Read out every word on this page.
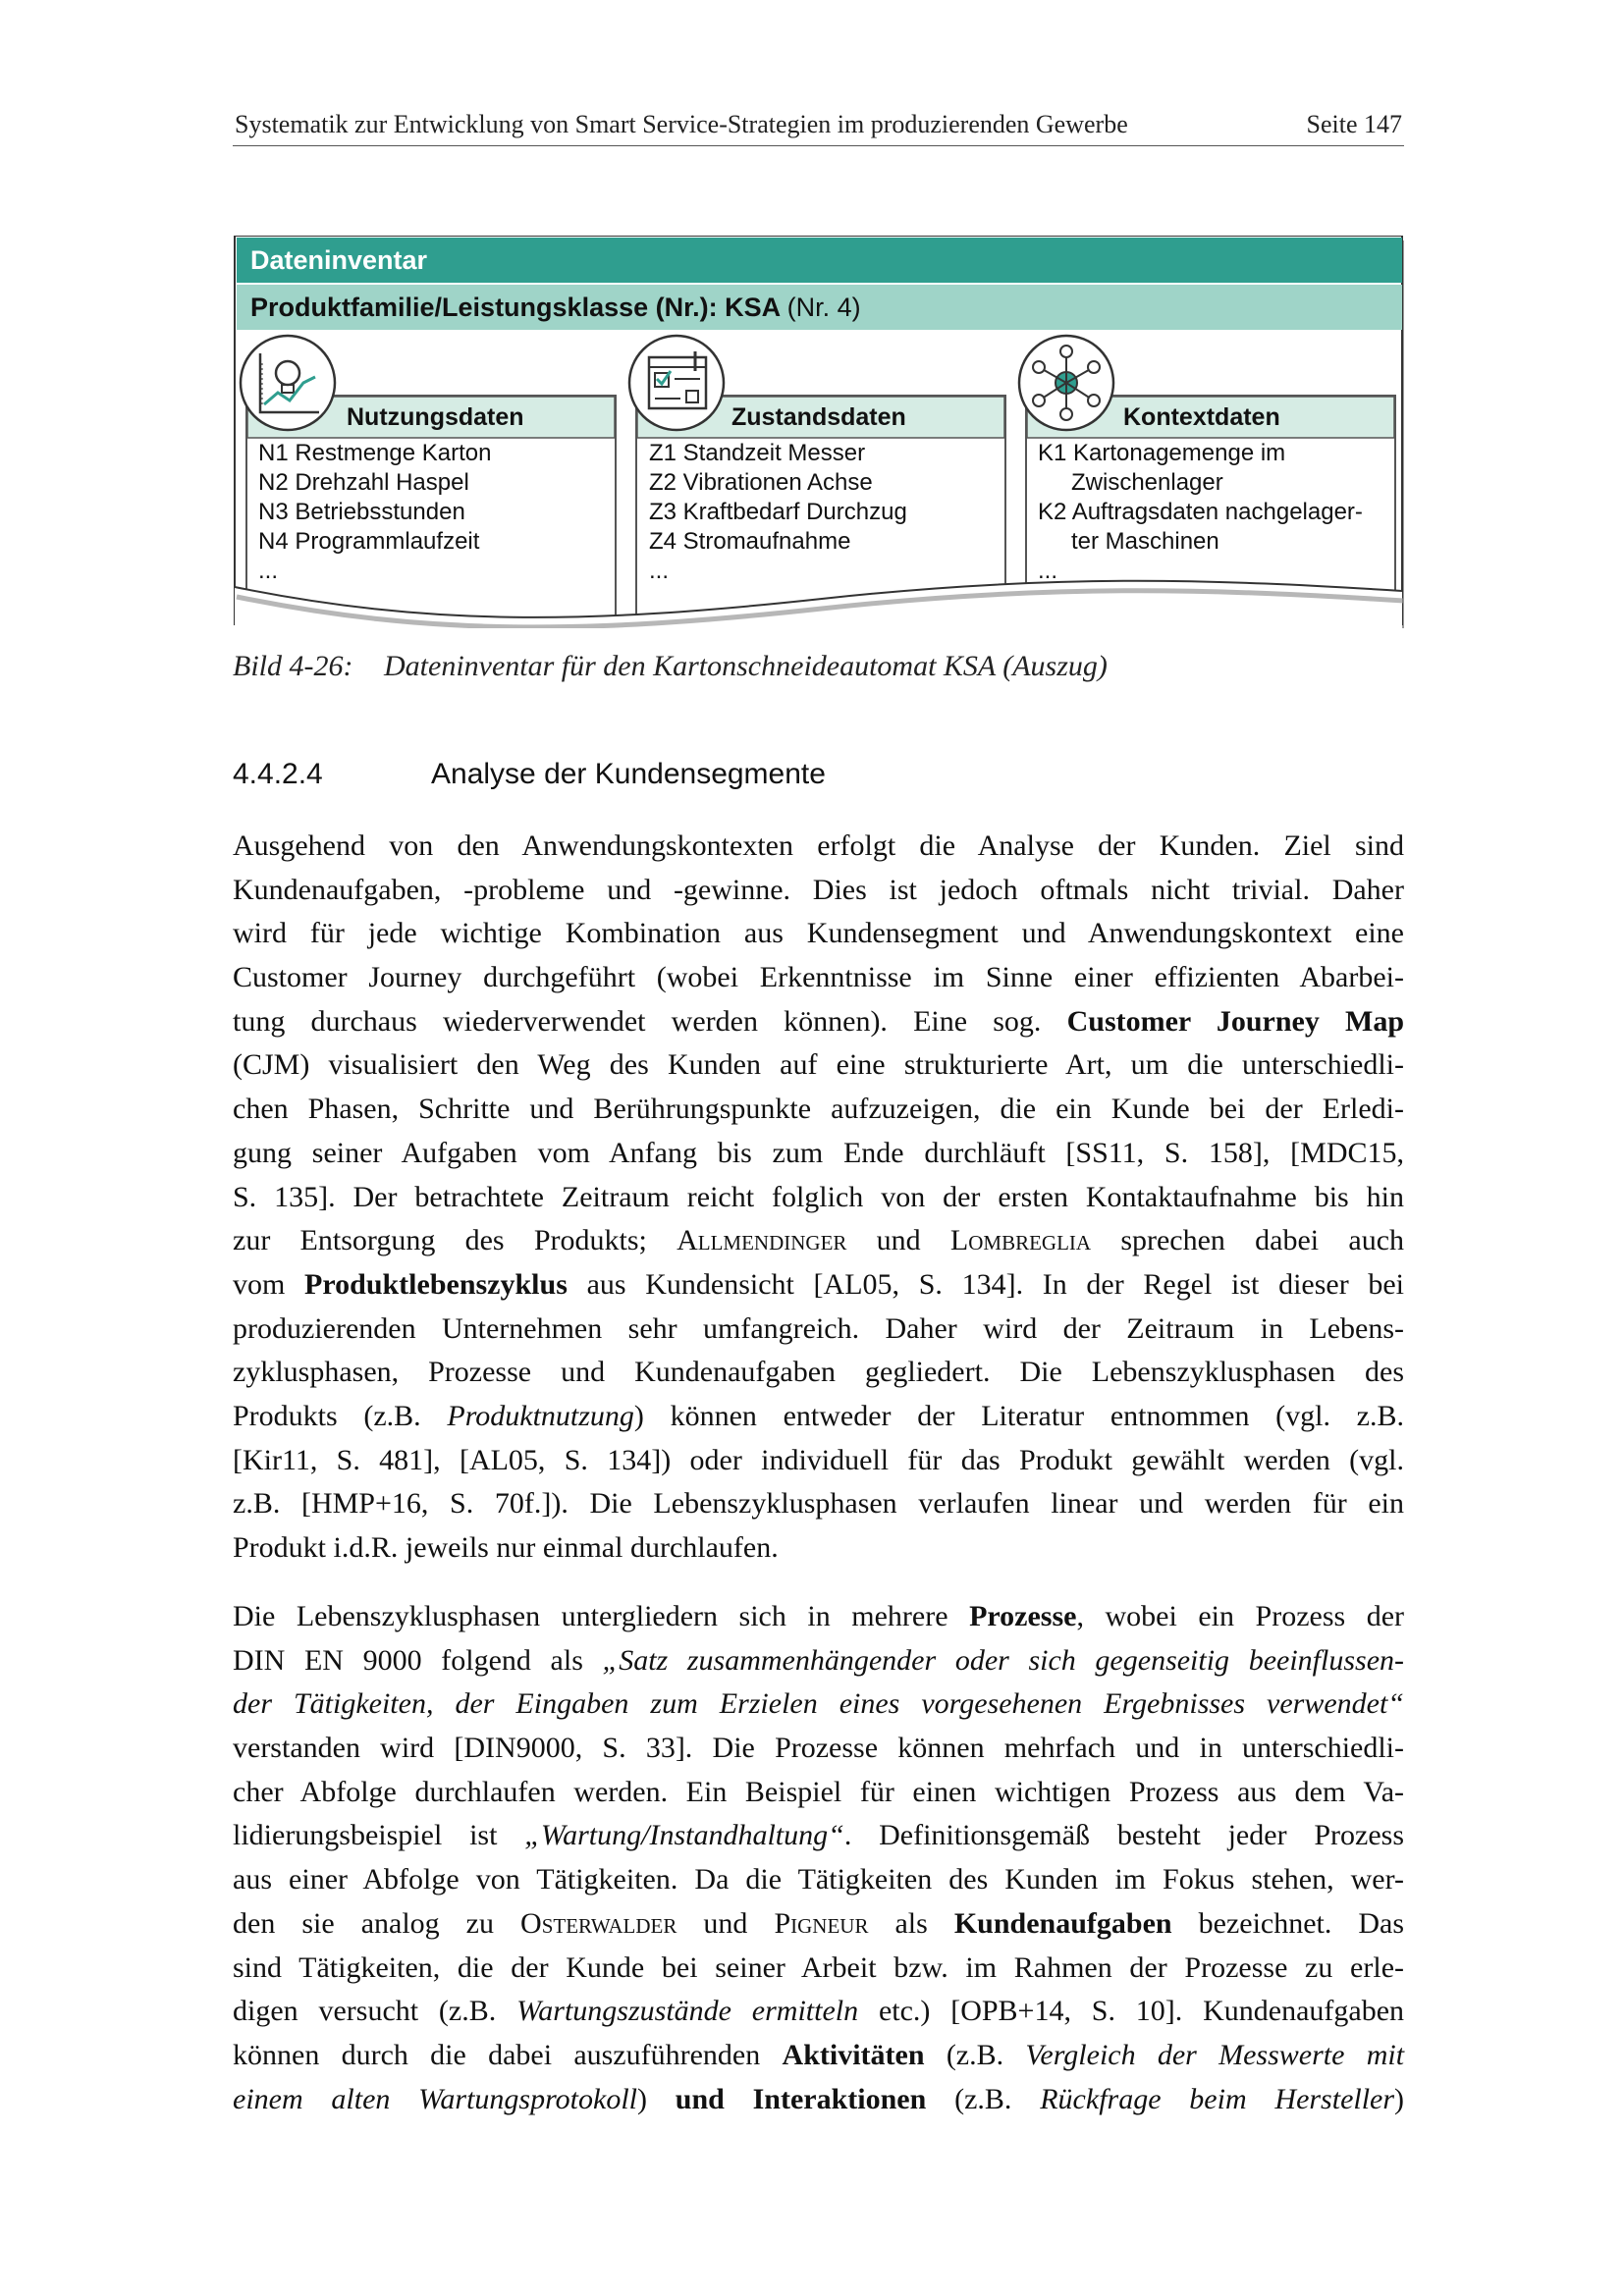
Systematik zur Entwicklung von Smart Service-Strategien im produzierenden Gewerbe	Seite 147
Dateninventar
Produktfamilie/Leistungsklasse (Nr.): KSA (Nr. 4)
Nutzungsdaten
N1 Restmenge Karton
N2 Drehzahl Haspel
N3 Betriebsstunden
N4 Programmlaufzeit
...
Zustandsdaten
Z1 Standzeit Messer
Z2 Vibrationen Achse
Z3 Kraftbedarf Durchzug
Z4 Stromaufnahme
...
Kontextdaten
K1 Kartonagemenge im
Zwischenlager
K2 Auftragsdaten nachgelager-
ter Maschinen
...
Bild 4-26: Dateninventar für den Kartonschneideautomat KSA (Auszug)
4.4.2.4	Analyse der Kundensegmente
Ausgehend von den Anwendungskontexten erfolgt die Analyse der Kunden. Ziel sind
Kundenaufgaben, -probleme und -gewinne. Dies ist jedoch oftmals nicht trivial. Daher
wird für jede wichtige Kombination aus Kundensegment und Anwendungskontext eine
Customer Journey durchgeführt (wobei Erkenntnisse im Sinne einer effizienten Abarbei-
tung durchaus wiederverwendet werden können). Eine sog. Customer Journey Map
(CJM) visualisiert den Weg des Kunden auf eine strukturierte Art, um die unterschiedli-
chen Phasen, Schritte und Berührungspunkte aufzuzeigen, die ein Kunde bei der Erledi-
gung seiner Aufgaben vom Anfang bis zum Ende durchläuft [SS11, S. 158], [MDC15,
S. 135]. Der betrachtete Zeitraum reicht folglich von der ersten Kontaktaufnahme bis hin
zur Entsorgung des Produkts; Allmendinger und Lombreglia sprechen dabei auch
vom Produktlebenszyklus aus Kundensicht [AL05, S. 134]. In der Regel ist dieser bei
produzierenden Unternehmen sehr umfangreich. Daher wird der Zeitraum in Lebens-
zyklusphasen, Prozesse und Kundenaufgaben gegliedert. Die Lebenszyklusphasen des
Produkts (z.B. Produktnutzung) können entweder der Literatur entnommen (vgl. z.B.
[Kir11, S. 481], [AL05, S. 134]) oder individuell für das Produkt gewählt werden (vgl.
z.B. [HMP+16, S. 70f.]). Die Lebenszyklusphasen verlaufen linear und werden für ein
Produkt i.d.R. jeweils nur einmal durchlaufen.
Die Lebenszyklusphasen untergliedern sich in mehrere Prozesse, wobei ein Prozess der
DIN EN 9000 folgend als „Satz zusammenhängender oder sich gegenseitig beeinflussen-
der Tätigkeiten, der Eingaben zum Erzielen eines vorgesehenen Ergebnisses verwendet“
verstanden wird [DIN9000, S. 33]. Die Prozesse können mehrfach und in unterschiedli-
cher Abfolge durchlaufen werden. Ein Beispiel für einen wichtigen Prozess aus dem Va-
lidierungsbeispiel ist „Wartung/Instandhaltung“. Definitionsgemäß besteht jeder Prozess
aus einer Abfolge von Tätigkeiten. Da die Tätigkeiten des Kunden im Fokus stehen, wer-
den sie analog zu Osterwalder und Pigneur als Kundenaufgaben bezeichnet. Das
sind Tätigkeiten, die der Kunde bei seiner Arbeit bzw. im Rahmen der Prozesse zu erle-
digen versucht (z.B. Wartungszustände ermitteln etc.) [OPB+14, S. 10]. Kundenaufgaben
können durch die dabei auszuführenden Aktivitäten (z.B. Vergleich der Messwerte mit
einem alten Wartungsprotokoll) und Interaktionen (z.B. Rückfrage beim Hersteller)
